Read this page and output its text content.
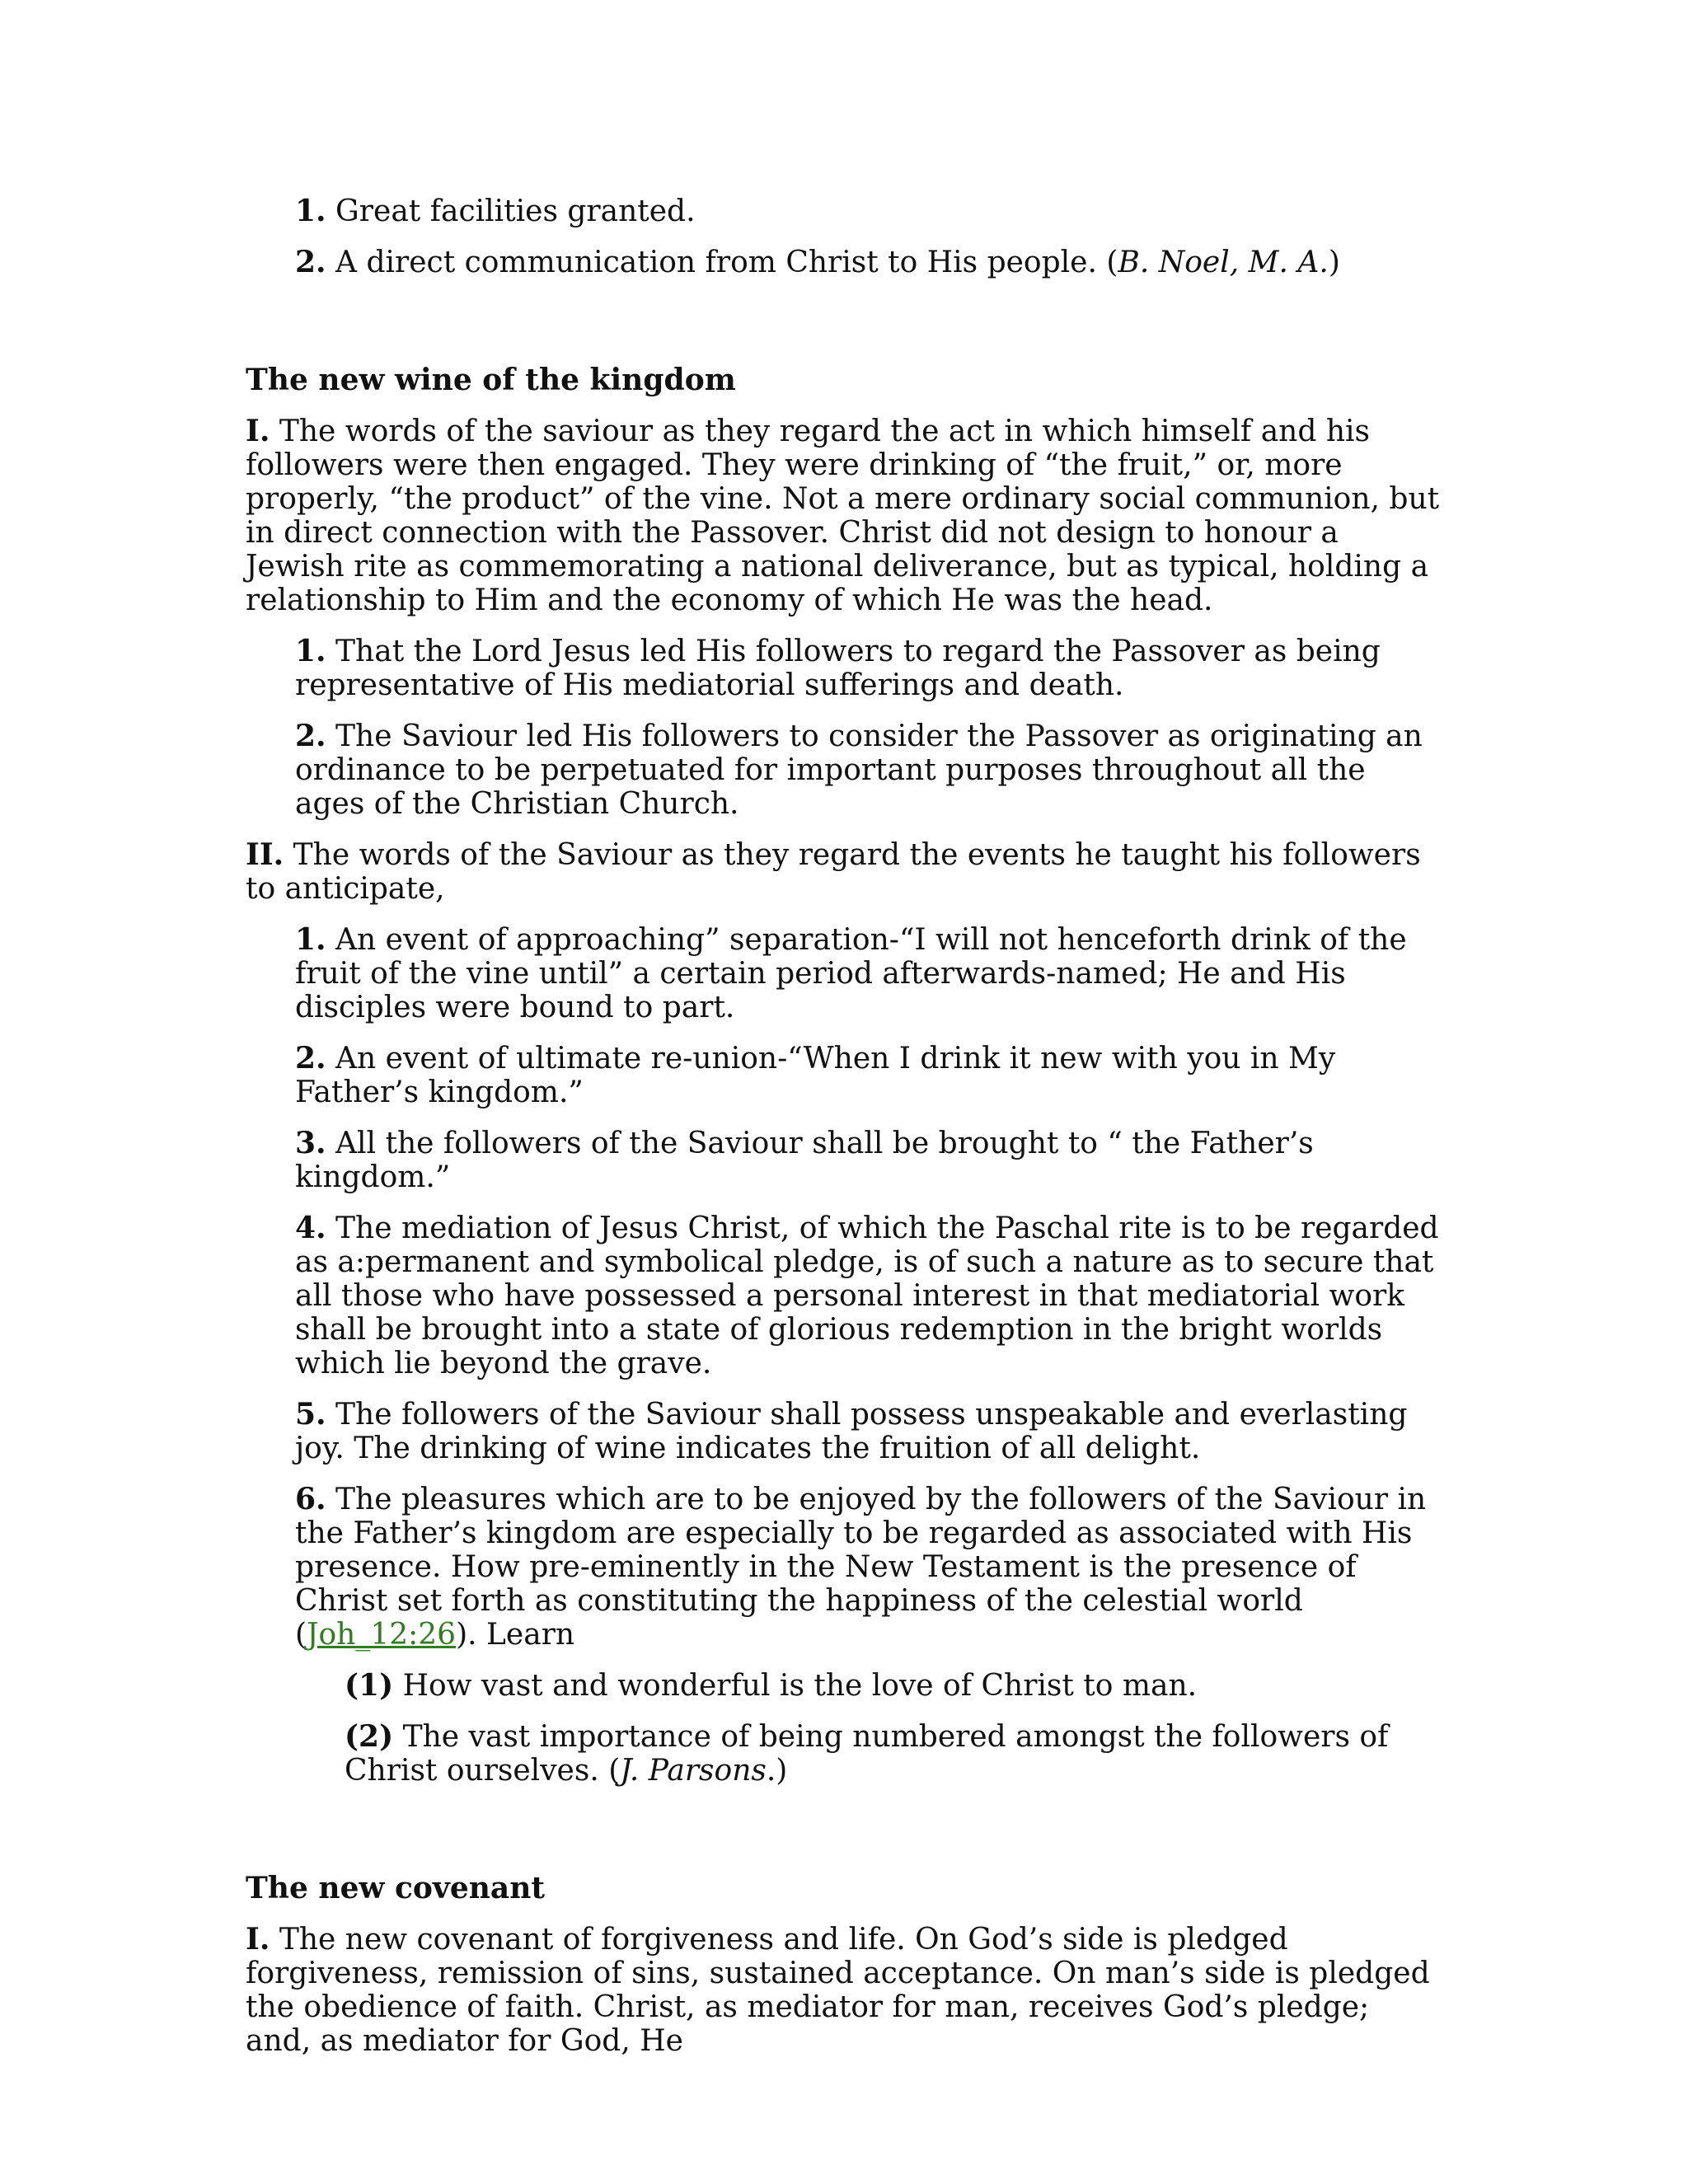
1. Great facilities granted.

2. A direct communication from Christ to His people. (B. Noel, M. A.)

The new wine of the kingdom

I. The words of the saviour as they regard the act in which himself and his followers were then engaged. They were drinking of “the fruit,” or, more properly, “the product” of the vine. Not a mere ordinary social communion, but in direct connection with the Passover. Christ did not design to honour a Jewish rite as commemorating a national deliverance, but as typical, holding a relationship to Him and the economy of which He was the head.

1. That the Lord Jesus led His followers to regard the Passover as being representative of His mediatorial sufferings and death.

2. The Saviour led His followers to consider the Passover as originating an ordinance to be perpetuated for important purposes throughout all the ages of the Christian Church.

II. The words of the Saviour as they regard the events he taught his followers to anticipate,

1. An event of approaching” separation-“I will not henceforth drink of the fruit of the vine until” a certain period afterwards-named; He and His disciples were bound to part.

2. An event of ultimate re-union-“When I drink it new with you in My Father’s kingdom.”

3. All the followers of the Saviour shall be brought to “ the Father’s kingdom.”

4. The mediation of Jesus Christ, of which the Paschal rite is to be regarded as a:permanent and symbolical pledge, is of such a nature as to secure that all those who have possessed a personal interest in that mediatorial work shall be brought into a state of glorious redemption in the bright worlds which lie beyond the grave.

5. The followers of the Saviour shall possess unspeakable and everlasting joy. The drinking of wine indicates the fruition of all delight.

6. The pleasures which are to be enjoyed by the followers of the Saviour in the Father’s kingdom are especially to be regarded as associated with His presence. How pre-eminently in the New Testament is the presence of Christ set forth as constituting the happiness of the celestial world (Joh_12:26). Learn

(1) How vast and wonderful is the love of Christ to man.

(2) The vast importance of being numbered amongst the followers of Christ ourselves. (J. Parsons.)

The new covenant

I. The new covenant of forgiveness and life. On God’s side is pledged forgiveness, remission of sins, sustained acceptance. On man’s side is pledged the obedience of faith. Christ, as mediator for man, receives God’s pledge; and, as mediator for God, He
